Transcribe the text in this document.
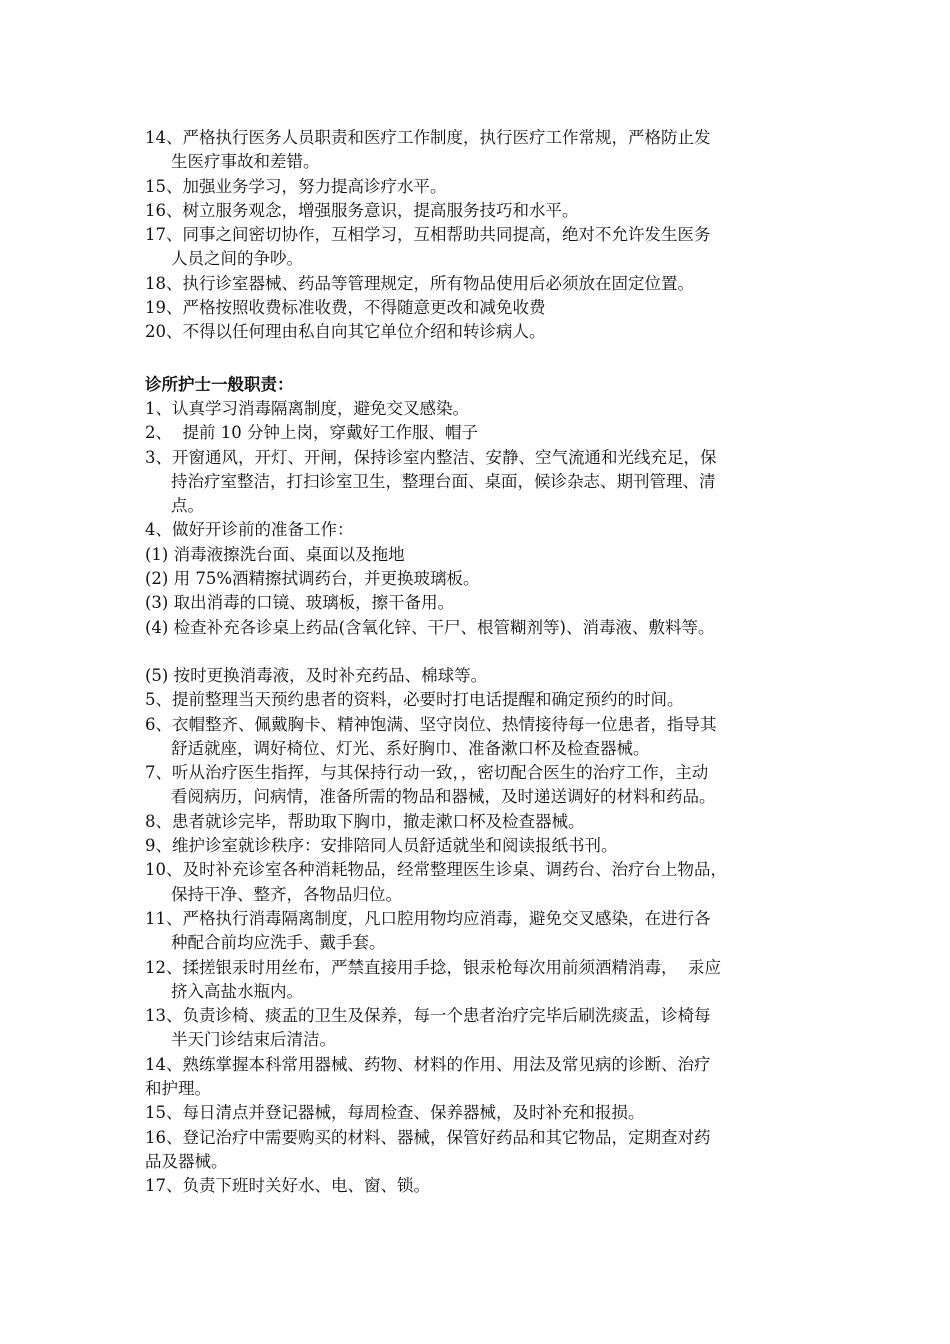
14、严格执行医务人员职责和医疗工作制度，执行医疗工作常规，严格防止发

生医疗事故和差错。

15、加强业务学习，努力提高诊疗水平。

16、树立服务观念，增强服务意识，提高服务技巧和水平。

17、同事之间密切协作，互相学习，互相帮助共同提高，绝对不允许发生医务

人员之间的争吵。

18、执行诊室器械、药品等管理规定，所有物品使用后必须放在固定位置。

19、严格按照收费标准收费，不得随意更改和减免收费

20、不得以任何理由私自向其它单位介绍和转诊病人。

诊所护士一般职责：

1、认真学习消毒隔离制度，避免交叉感染。

2、  提前 10 分钟上岗，穿戴好工作服、帽子

3、开窗通风，开灯、开闸，保持诊室内整洁、安静、空气流通和光线充足，保

持治疗室整洁，打扫诊室卫生，整理台面、桌面，候诊杂志、期刊管理、清

点。

4、做好开诊前的准备工作：

(1) 消毒液擦洗台面、桌面以及拖地

(2) 用 75%酒精擦拭调药台，并更换玻璃板。

(3) 取出消毒的口镜、玻璃板，擦干备用。

(4) 检查补充各诊桌上药品(含氧化锌、干尸、根管糊剂等)、消毒液、敷料等。

(5) 按时更换消毒液，及时补充药品、棉球等。

5、提前整理当天预约患者的资料，必要时打电话提醒和确定预约的时间。

6、衣帽整齐、佩戴胸卡、精神饱满、坚守岗位、热情接待每一位患者，指导其

舒适就座，调好椅位、灯光、系好胸巾、准备漱口杯及检查器械。

7、听从治疗医生指挥，与其保持行动一致，，密切配合医生的治疗工作，主动

看阅病历，问病情，准备所需的物品和器械，及时递送调好的材料和药品。

8、患者就诊完毕，帮助取下胸巾，撤走漱口杯及检查器械。

9、维护诊室就诊秩序：安排陪同人员舒适就坐和阅读报纸书刊。

10、及时补充诊室各种消耗物品，经常整理医生诊桌、调药台、治疗台上物品，

保持干净、整齐，各物品归位。

11、严格执行消毒隔离制度，凡口腔用物均应消毒，避免交叉感染，在进行各

种配合前均应洗手、戴手套。

12、揉搓银汞时用丝布，严禁直接用手捻，银汞枪每次用前须酒精消毒，  汞应

挤入高盐水瓶内。

13、负责诊椅、痰盂的卫生及保养，每一个患者治疗完毕后刷洗痰盂，诊椅每

半天门诊结束后清洁。

14、熟练掌握本科常用器械、药物、材料的作用、用法及常见病的诊断、治疗

和护理。

15、每日清点并登记器械，每周检查、保养器械，及时补充和报损。

16、登记治疗中需要购买的材料、器械，保管好药品和其它物品，定期查对药

品及器械。

17、负责下班时关好水、电、窗、锁。
